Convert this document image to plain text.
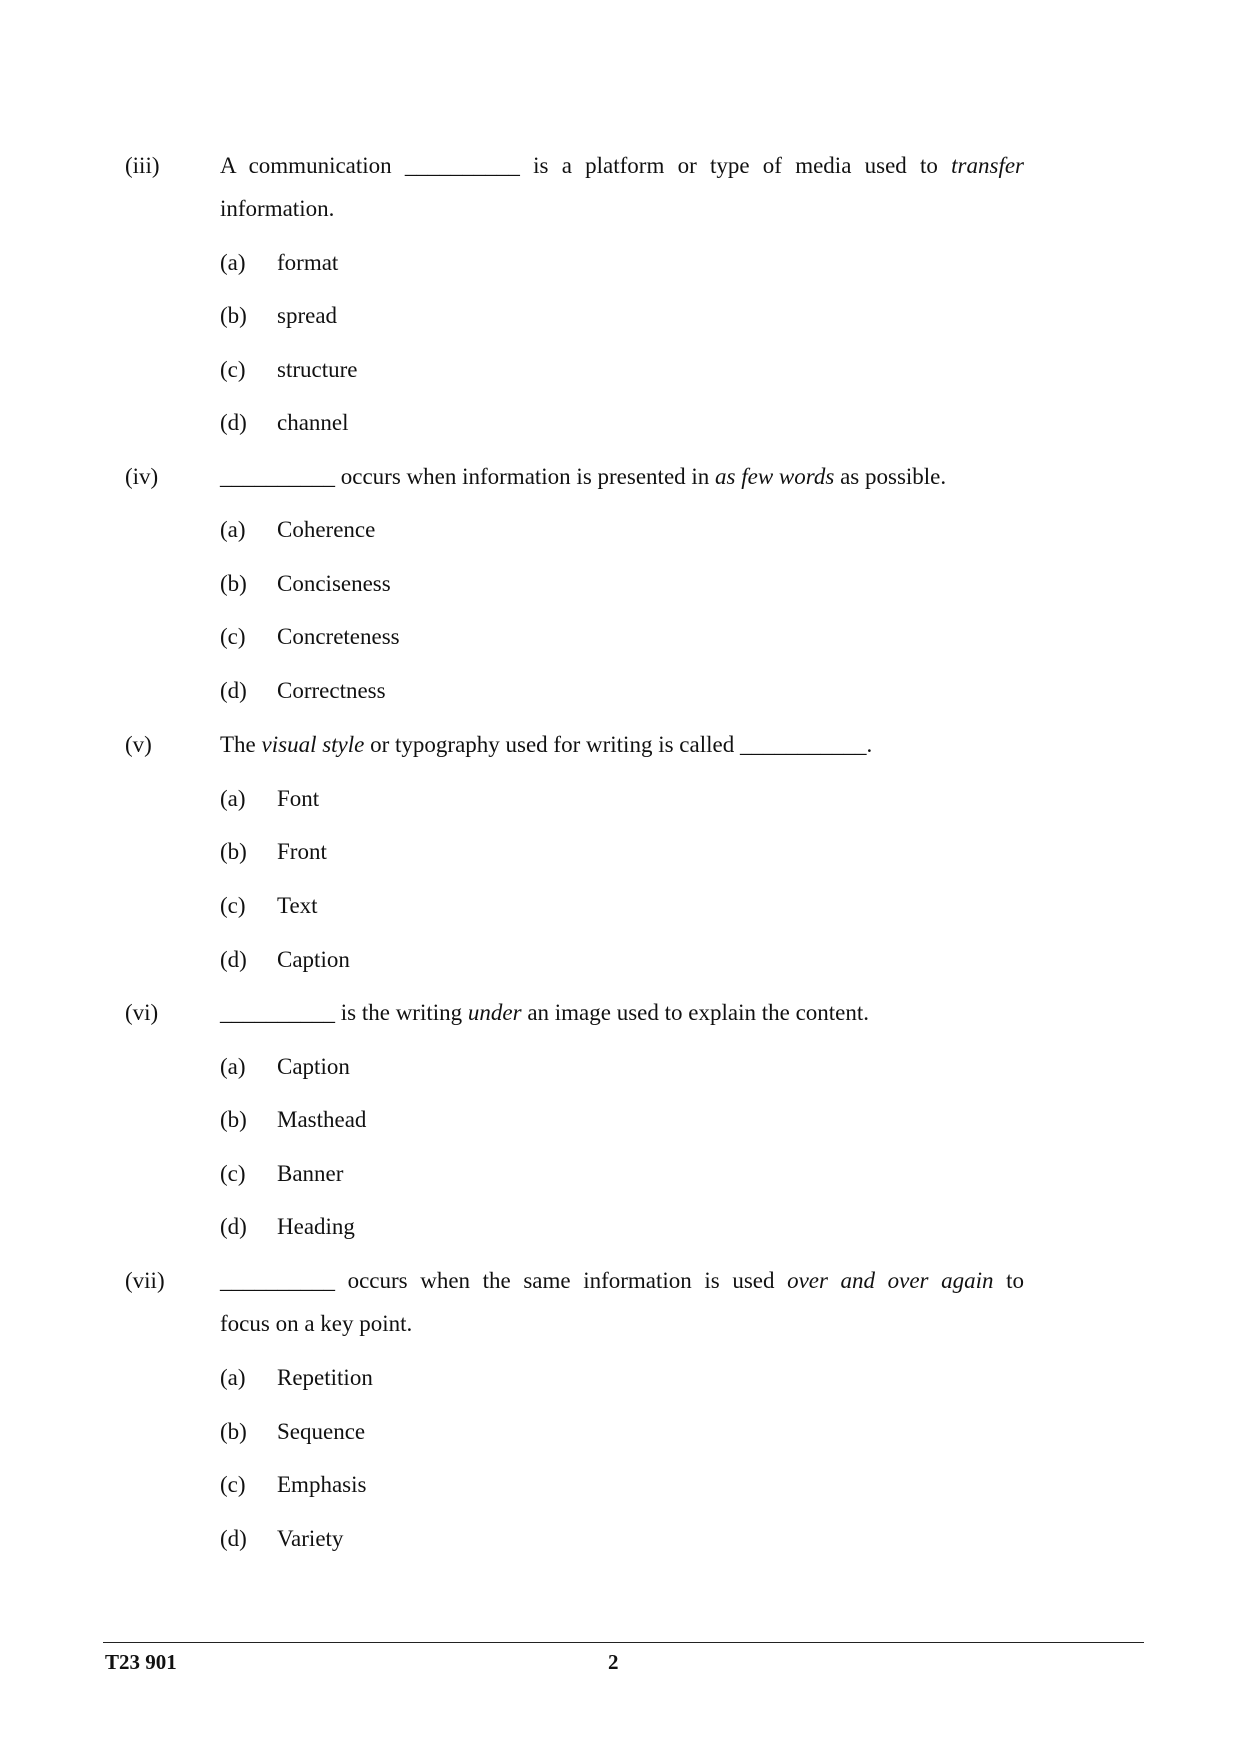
(iii)	A communication __________ is a platform or type of media used to transfer
information.
(a) format
(b) spread
(c) structure
(d) channel
(iv)	__________ occurs when information is presented in as few words as possible.
(a) Coherence
(b) Conciseness
(c) Concreteness
(d) Correctness
(v)	The visual style or typography used for writing is called ___________.
(a) Font
(b) Front
(c) Text
(d) Caption
(vi)	__________ is the writing under an image used to explain the content.
(a) Caption
(b) Masthead
(c) Banner
(d) Heading
(vii) __________ occurs when the same information is used over and over again to
focus on a key point.
(a) Repetition
(b) Sequence
(c) Emphasis
(d) Variety
T23 901	2
